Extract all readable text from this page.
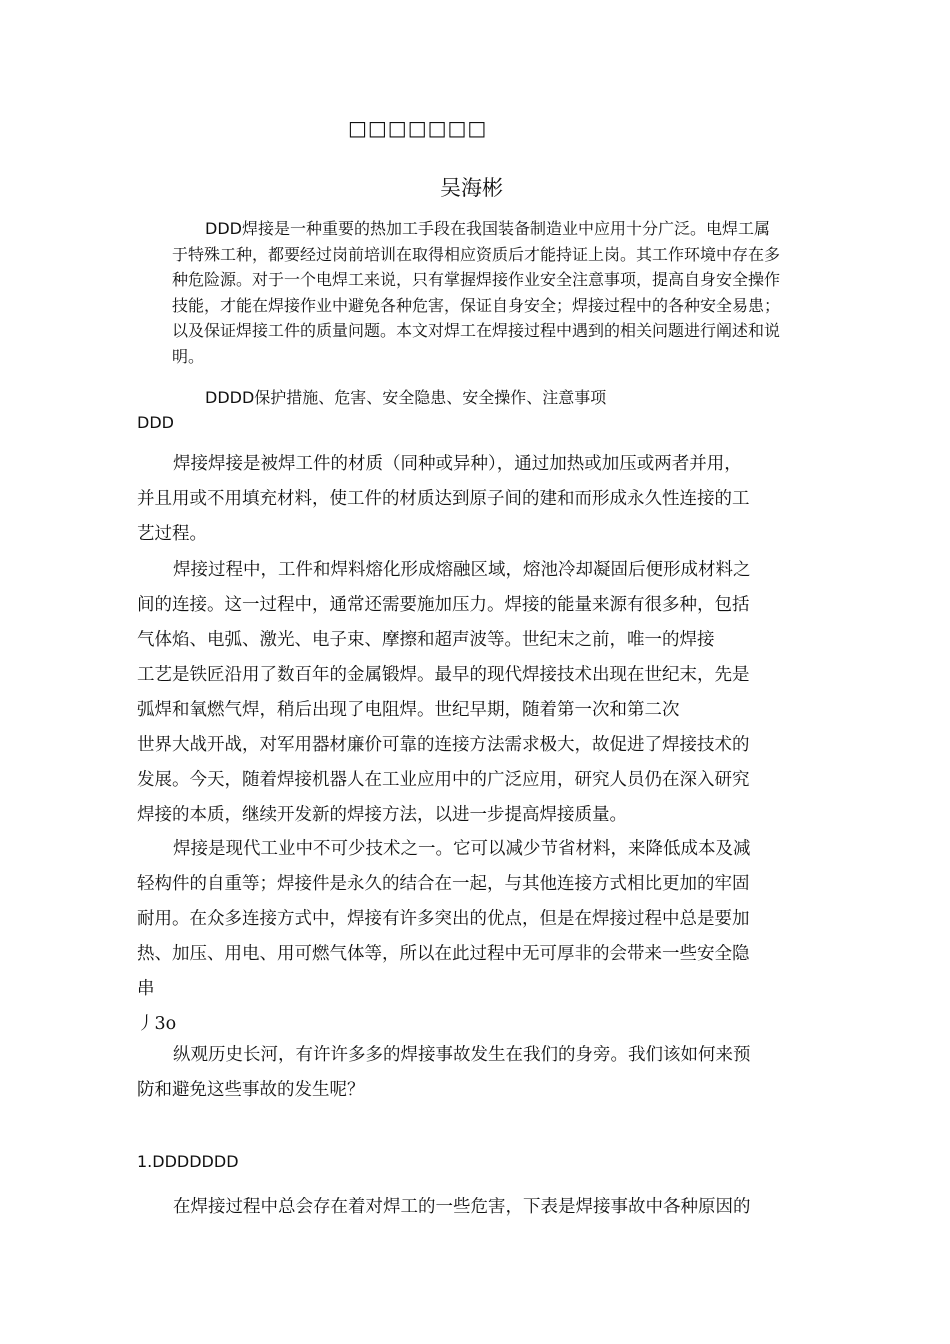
□□□□□□□
吴海彬
DDD焊接是一种重要的热加工手段在我国装备制造业中应用十分广泛。电焊工属
于特殊工种，都要经过岗前培训在取得相应资质后才能持证上岗。其工作环境中存在多
种危险源。对于一个电焊工来说，只有掌握焊接作业安全注意事项，提高自身安全操作
技能，才能在焊接作业中避免各种危害，保证自身安全；焊接过程中的各种安全易患；
以及保证焊接工件的质量问题。本文对焊工在焊接过程中遇到的相关问题进行阐述和说
明。
DDDD保护措施、危害、安全隐患、安全操作、注意事项
DDD
焊接焊接是被焊工件的材质（同种或异种），通过加热或加压或两者并用，
并且用或不用填充材料，使工件的材质达到原子间的建和而形成永久性连接的工
艺过程。
焊接过程中，工件和焊料熔化形成熔融区域，熔池冷却凝固后便形成材料之
间的连接。这一过程中，通常还需要施加压力。焊接的能量来源有很多种，包括
气体焰、电弧、激光、电子束、摩擦和超声波等。世纪末之前，唯一的焊接
工艺是铁匠沿用了数百年的金属锻焊。最早的现代焊接技术出现在世纪末，先是
弧焊和氧燃气焊，稍后出现了电阻焊。世纪早期，随着第一次和第二次
世界大战开战，对军用器材廉价可靠的连接方法需求极大，故促进了焊接技术的
发展。今天，随着焊接机器人在工业应用中的广泛应用，研究人员仍在深入研究
焊接的本质，继续开发新的焊接方法，以进一步提高焊接质量。
焊接是现代工业中不可少技术之一。它可以减少节省材料，来降低成本及减
轻构件的自重等；焊接件是永久的结合在一起，与其他连接方式相比更加的牢固
耐用。在众多连接方式中，焊接有许多突出的优点，但是在焊接过程中总是要加
热、加压、用电、用可燃气体等，所以在此过程中无可厚非的会带来一些安全隐
串
丿3o
纵观历史长河，有许许多多的焊接事故发生在我们的身旁。我们该如何来预
防和避免这些事故的发生呢？
1.DDDDDDD
在焊接过程中总会存在着对焊工的一些危害，下表是焊接事故中各种原因的
